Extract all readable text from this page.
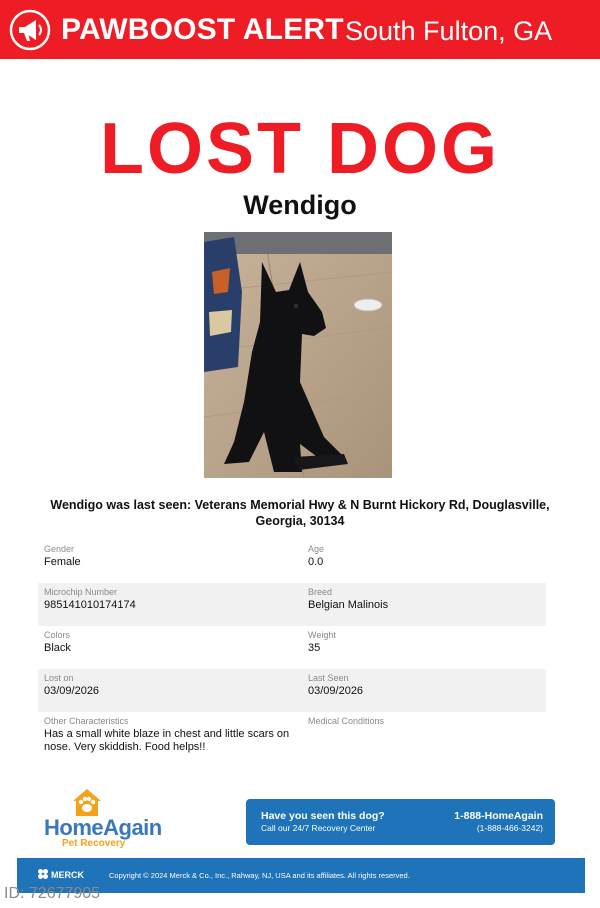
PAWBOOST ALERT South Fulton, GA
LOST DOG
Wendigo
Wendigo was last seen: Veterans Memorial Hwy & N Burnt Hickory Rd, Douglasville, Georgia, 30134
Gender
Female
Age
0.0
Microchip Number
985141010174174
Breed
Belgian Malinois
Colors
Black
Weight
35
Lost on
03/09/2026
Last Seen
03/09/2026
Other Characteristics
Has a small white blaze in chest and little scars on nose. Very skiddish. Food helps!!
Medical Conditions
HomeAgain
Pet Recovery
Have you seen this dog?
Call our 24/7 Recovery Center
1-888-HomeAgain
(1-888-466-3242)
MERCK	Copyright © 2024 Merck & Co., Inc., Rahway, NJ, USA and its affiliates. All rights reserved.
ID: 72677905
